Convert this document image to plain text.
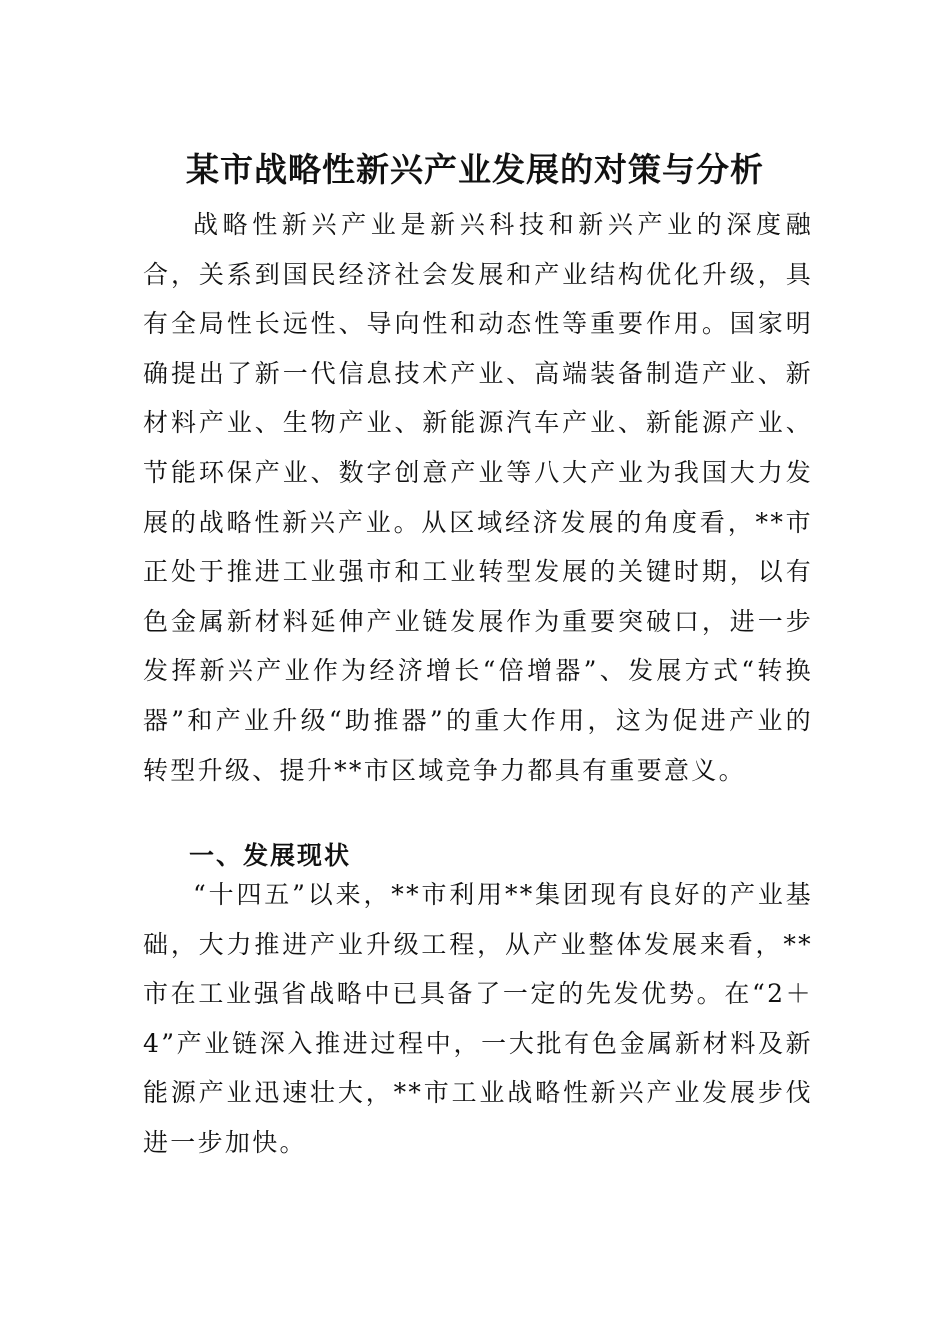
某市战略性新兴产业发展的对策与分析

战略性新兴产业是新兴科技和新兴产业的深度融合，关系到国民经济社会发展和产业结构优化升级，具有全局性长远性、导向性和动态性等重要作用。国家明确提出了新一代信息技术产业、高端装备制造产业、新材料产业、生物产业、新能源汽车产业、新能源产业、节能环保产业、数字创意产业等八大产业为我国大力发展的战略性新兴产业。从区域经济发展的角度看，**市正处于推进工业强市和工业转型发展的关键时期，以有色金属新材料延伸产业链发展作为重要突破口，进一步发挥新兴产业作为经济增长“倍增器”、发展方式“转换器”和产业升级“助推器”的重大作用，这为促进产业的转型升级、提升**市区域竞争力都具有重要意义。

一、发展现状

“十四五”以来，**市利用**集团现有良好的产业基础，大力推进产业升级工程，从产业整体发展来看，**市在工业强省战略中已具备了一定的先发优势。在“2＋4”产业链深入推进过程中，一大批有色金属新材料及新能源产业迅速壮大，**市工业战略性新兴产业发展步伐进一步加快。
